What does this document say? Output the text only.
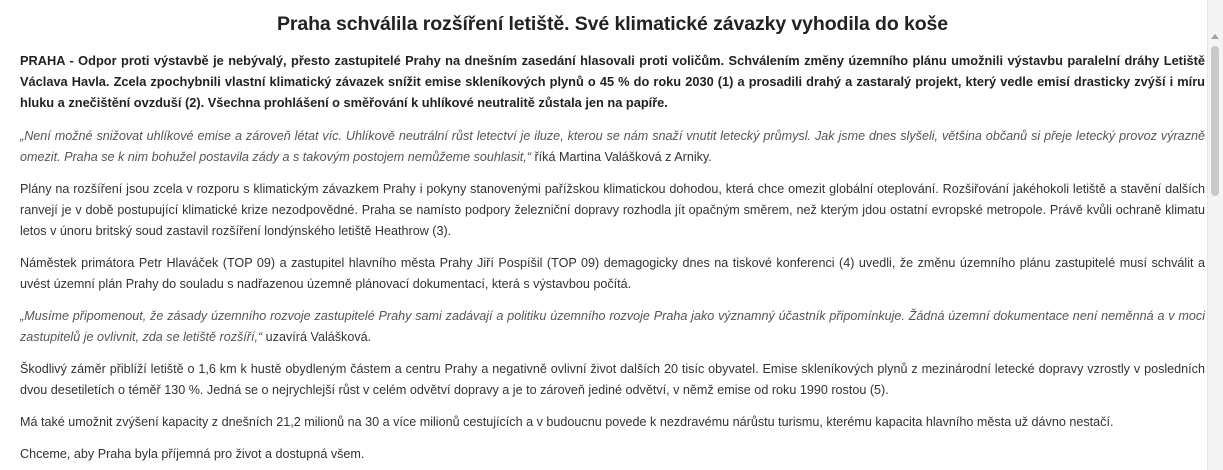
Praha schválila rozšíření letiště. Své klimatické závazky vyhodila do koše

PRAHA - Odpor proti výstavbě je nebývalý, přesto zastupitelé Prahy na dnešním zasedání hlasovali proti voličům. Schválením změny územního plánu umožnili výstavbu paralelní dráhy Letiště Václava Havla. Zcela zpochybnili vlastní klimatický závazek snížit emise skleníkových plynů o 45 % do roku 2030 (1) a prosadili drahý a zastaralý projekt, který vedle emisí drasticky zvýší i míru hluku a znečištění ovzduší (2). Všechna prohlášení o směřování k uhlíkové neutralitě zůstala jen na papíře.

„Není možné snižovat uhlíkové emise a zároveň létat víc. Uhlíkově neutrální růst letectví je iluze, kterou se nám snaží vnutit letecký průmysl. Jak jsme dnes slyšeli, většina občanů si přeje letecký provoz výrazně omezit. Praha se k nim bohužel postavila zády a s takovým postojem nemůžeme souhlasit,“ říká Martina Valášková z Arniky.

Plány na rozšíření jsou zcela v rozporu s klimatickým závazkem Prahy i pokyny stanovenými pařížskou klimatickou dohodou, která chce omezit globální oteplování. Rozšiřování jakéhokoli letiště a stavění dalších ranvejí je v době postupující klimatické krize nezodpovědné. Praha se namísto podpory železniční dopravy rozhodla jít opačným směrem, než kterým jdou ostatní evropské metropole. Právě kvůli ochraně klimatu letos v únoru britský soud zastavil rozšíření londýnského letiště Heathrow (3).

Náměstek primátora Petr Hlaváček (TOP 09) a zastupitel hlavního města Prahy Jiří Pospíšil (TOP 09) demagogicky dnes na tiskové konferenci (4) uvedli, že změnu územního plánu zastupitelé musí schválit a uvést územní plán Prahy do souladu s nadřazenou územně plánovací dokumentací, která s výstavbou počítá.

„Musíme připomenout, že zásady územního rozvoje zastupitelé Prahy sami zadávají a politiku územního rozvoje Praha jako významný účastník připomínkuje. Žádná územní dokumentace není neměnná a v moci zastupitelů je ovlivnit, zda se letiště rozšíří,“ uzavírá Valášková.

Škodlivý záměr přiblíží letiště o 1,6 km k hustě obydleným částem a centru Prahy a negativně ovlivní život dalších 20 tisíc obyvatel. Emise skleníkových plynů z mezinárodní letecké dopravy vzrostly v posledních dvou desetiletích o téměř 130 %. Jedná se o nejrychlejší růst v celém odvětví dopravy a je to zároveň jediné odvětví, v němž emise od roku 1990 rostou (5).

Má také umožnit zvýšení kapacity z dnešních 21,2 milionů na 30 a více milionů cestujících a v budoucnu povede k nezdravému nárůstu turismu, kterému kapacita hlavního města už dávno nestačí.

Chceme, aby Praha byla příjemná pro život a dostupná všem.
